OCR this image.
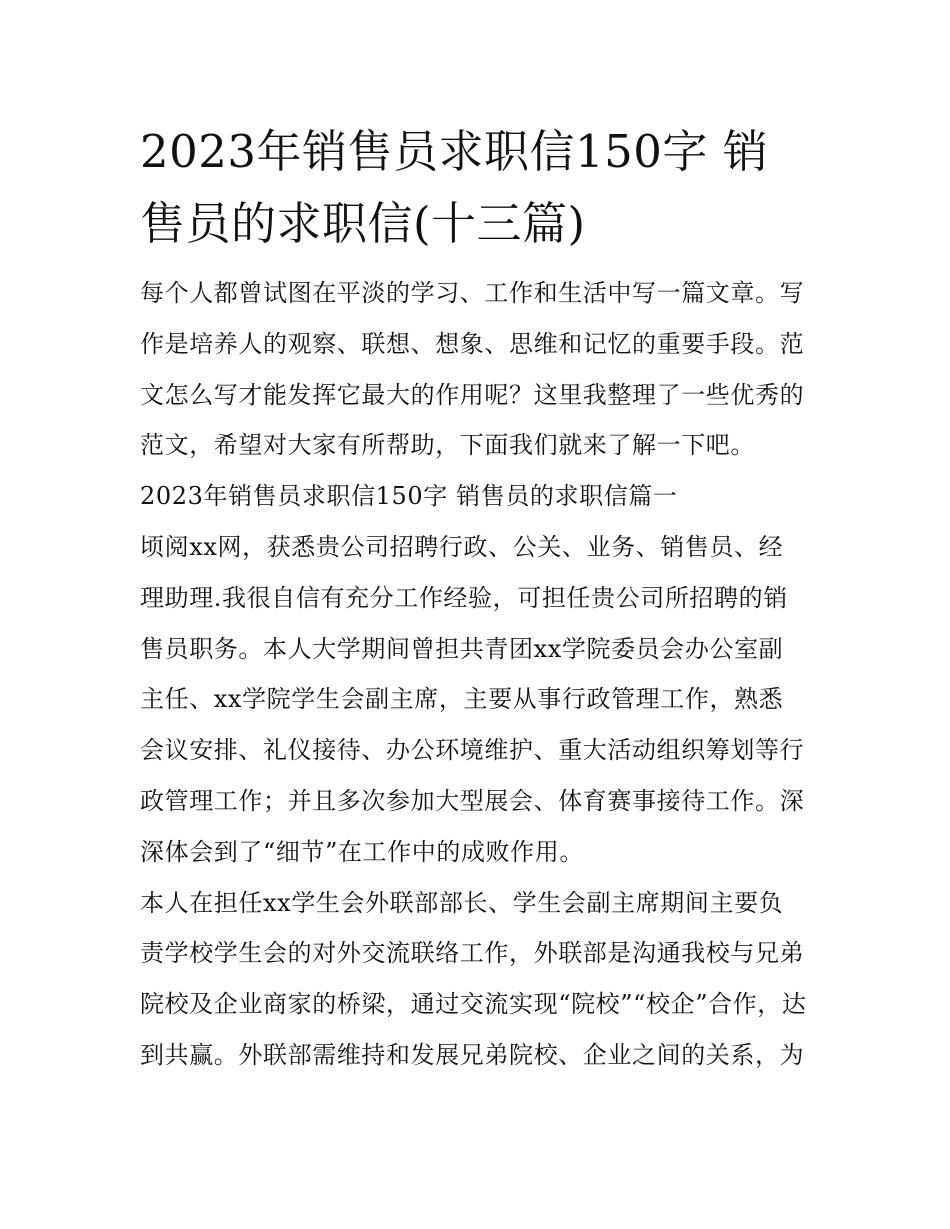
2023年销售员求职信150字 销
售员的求职信(十三篇)
每个人都曾试图在平淡的学习、工作和生活中写一篇文章。写
作是培养人的观察、联想、想象、思维和记忆的重要手段。范
文怎么写才能发挥它最大的作用呢？这里我整理了一些优秀的
范文，希望对大家有所帮助，下面我们就来了解一下吧。
2023年销售员求职信150字 销售员的求职信篇一
顷阅xx网，获悉贵公司招聘行政、公关、业务、销售员、经
理助理.我很自信有充分工作经验，可担任贵公司所招聘的销
售员职务。本人大学期间曾担共青团xx学院委员会办公室副
主任、xx学院学生会副主席，主要从事行政管理工作，熟悉
会议安排、礼仪接待、办公环境维护、重大活动组织筹划等行
政管理工作；并且多次参加大型展会、体育赛事接待工作。深
深体会到了“细节”在工作中的成败作用。
本人在担任xx学生会外联部部长、学生会副主席期间主要负
责学校学生会的对外交流联络工作，外联部是沟通我校与兄弟
院校及企业商家的桥梁，通过交流实现“院校”“校企”合作，达
到共赢。外联部需维持和发展兄弟院校、企业之间的关系，为
